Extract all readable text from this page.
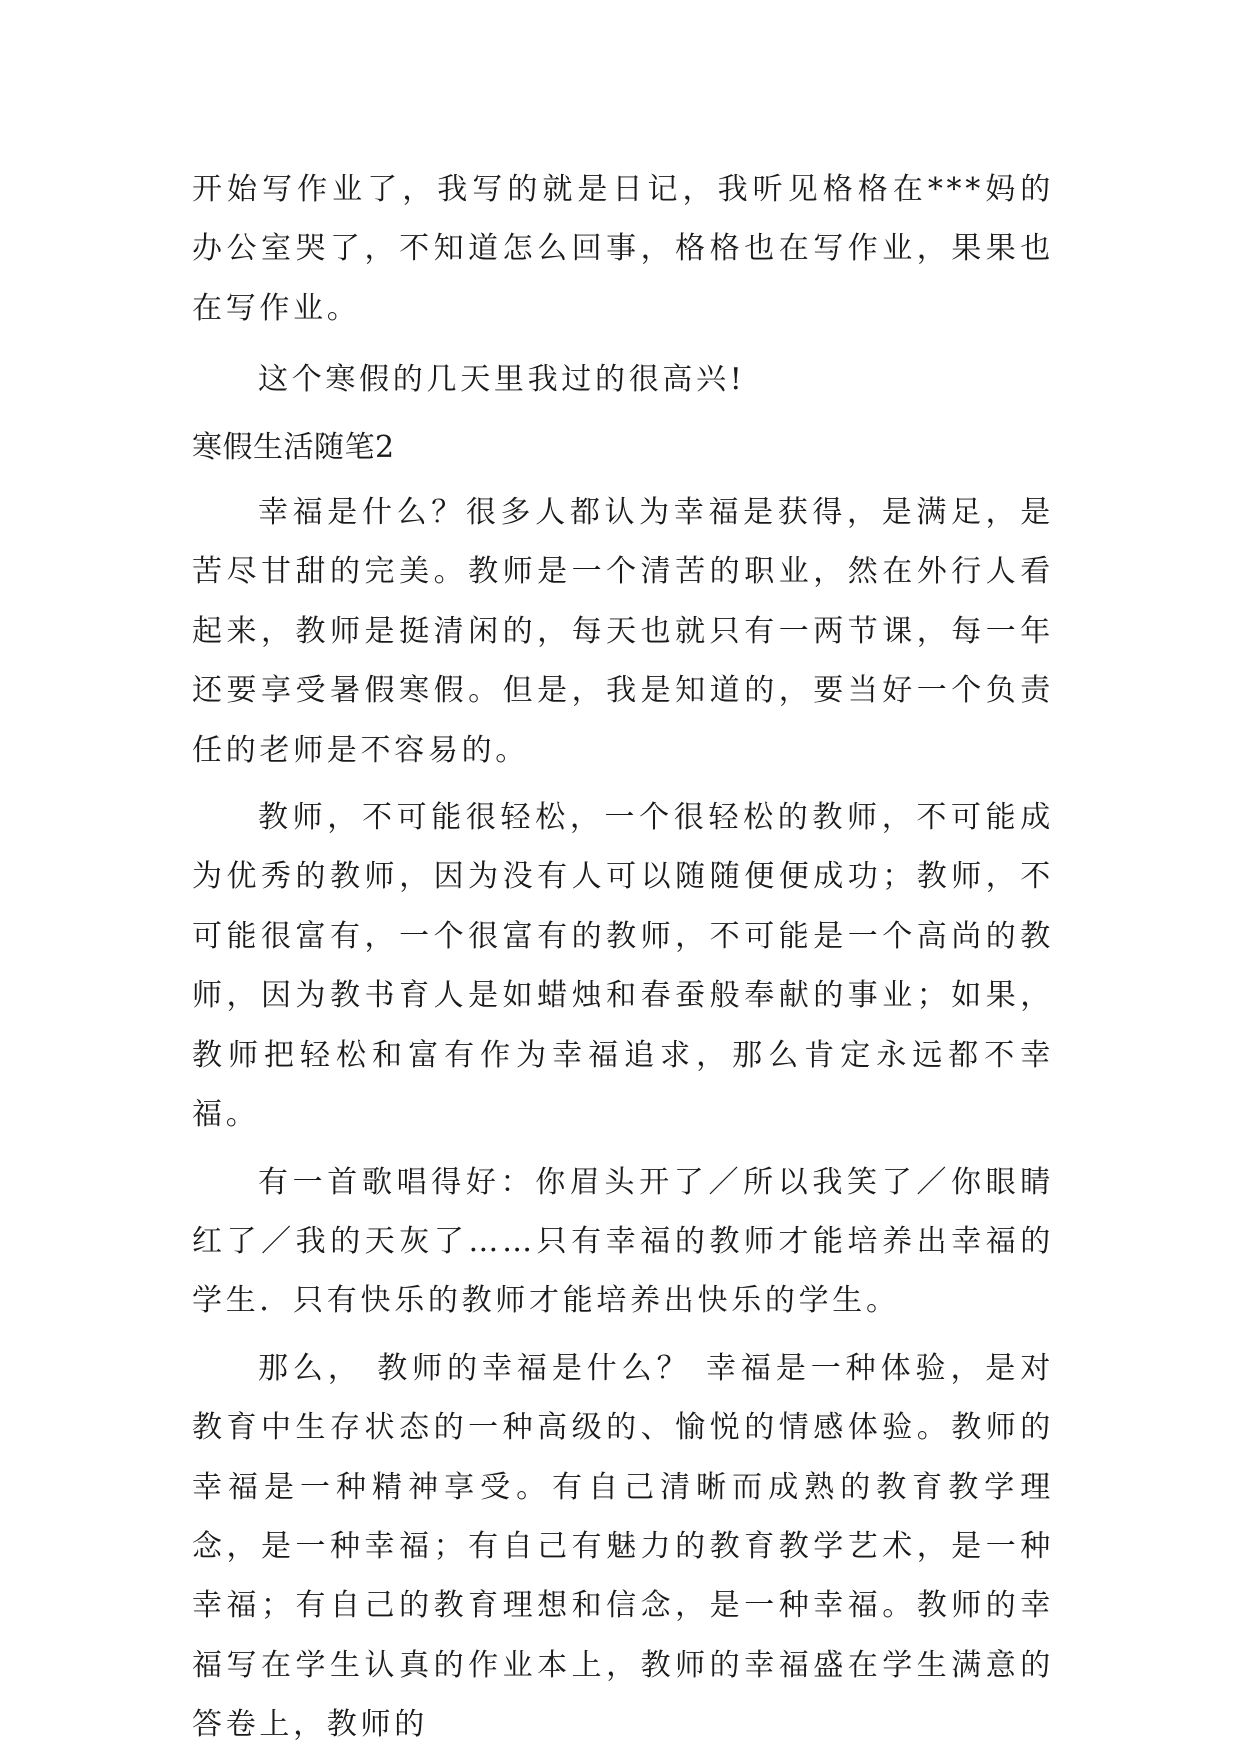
开始写作业了，我写的就是日记，我听见格格在***妈的办公室哭了，不知道怎么回事，格格也在写作业，果果也在写作业。

这个寒假的几天里我过的很高兴!

寒假生活随笔2

幸福是什么？很多人都认为幸福是获得，是满足，是苦尽甘甜的完美。教师是一个清苦的职业，然在外行人看起来，教师是挺清闲的，每天也就只有一两节课，每一年还要享受暑假寒假。但是，我是知道的，要当好一个负责任的老师是不容易的。

教师，不可能很轻松，一个很轻松的教师，不可能成为优秀的教师，因为没有人可以随随便便成功；教师，不可能很富有，一个很富有的教师，不可能是一个高尚的教师，因为教书育人是如蜡烛和春蚕般奉献的事业；如果，教师把轻松和富有作为幸福追求，那么肯定永远都不幸福。

有一首歌唱得好：你眉头开了／所以我笑了／你眼睛红了／我的天灰了……只有幸福的教师才能培养出幸福的学生．只有快乐的教师才能培养出快乐的学生。

那么， 教师的幸福是什么？ 幸福是一种体验，是对教育中生存状态的一种高级的、愉悦的情感体验。教师的幸福是一种精神享受。有自己清晰而成熟的教育教学理念，是一种幸福；有自己有魅力的教育教学艺术，是一种幸福；有自己的教育理想和信念，是一种幸福。教师的幸福写在学生认真的作业本上，教师的幸福盛在学生满意的答卷上，教师的
